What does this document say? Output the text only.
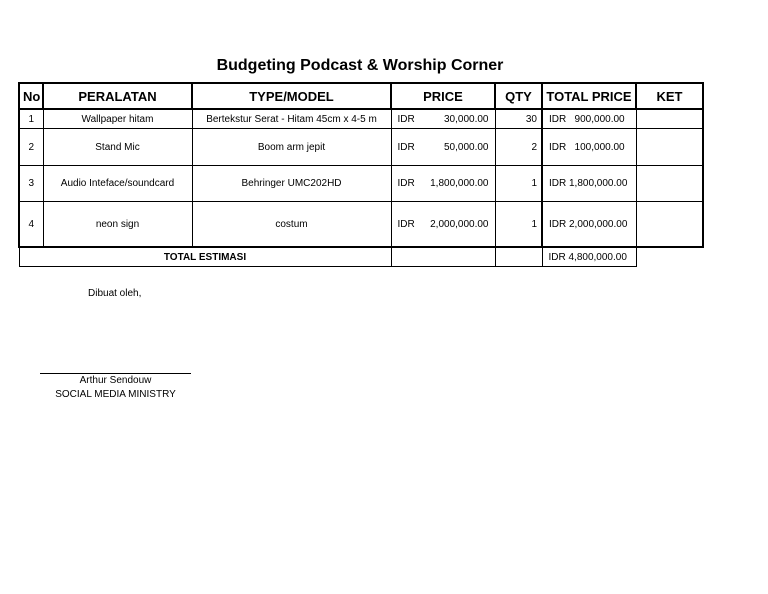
Budgeting Podcast & Worship Corner
No	PERALATAN	TYPE/MODEL	PRICE	QTY	TOTAL PRICE	KET
1	Wallpaper hitam	Bertekstur Serat - Hitam 45cm x 4-5 m	IDR 30,000.00	30	IDR   900,000.00	
2	Stand Mic	Boom arm jepit	IDR 50,000.00	2	IDR   100,000.00	
3	Audio Inteface/soundcard	Behringer UMC202HD	IDR 1,800,000.00	1	IDR 1,800,000.00	
4	neon sign	costum	IDR 2,000,000.00	1	IDR 2,000,000.00	
TOTAL ESTIMASI					IDR 4,800,000.00	
Dibuat oleh,
Arthur Sendouw
SOCIAL MEDIA MINISTRY
